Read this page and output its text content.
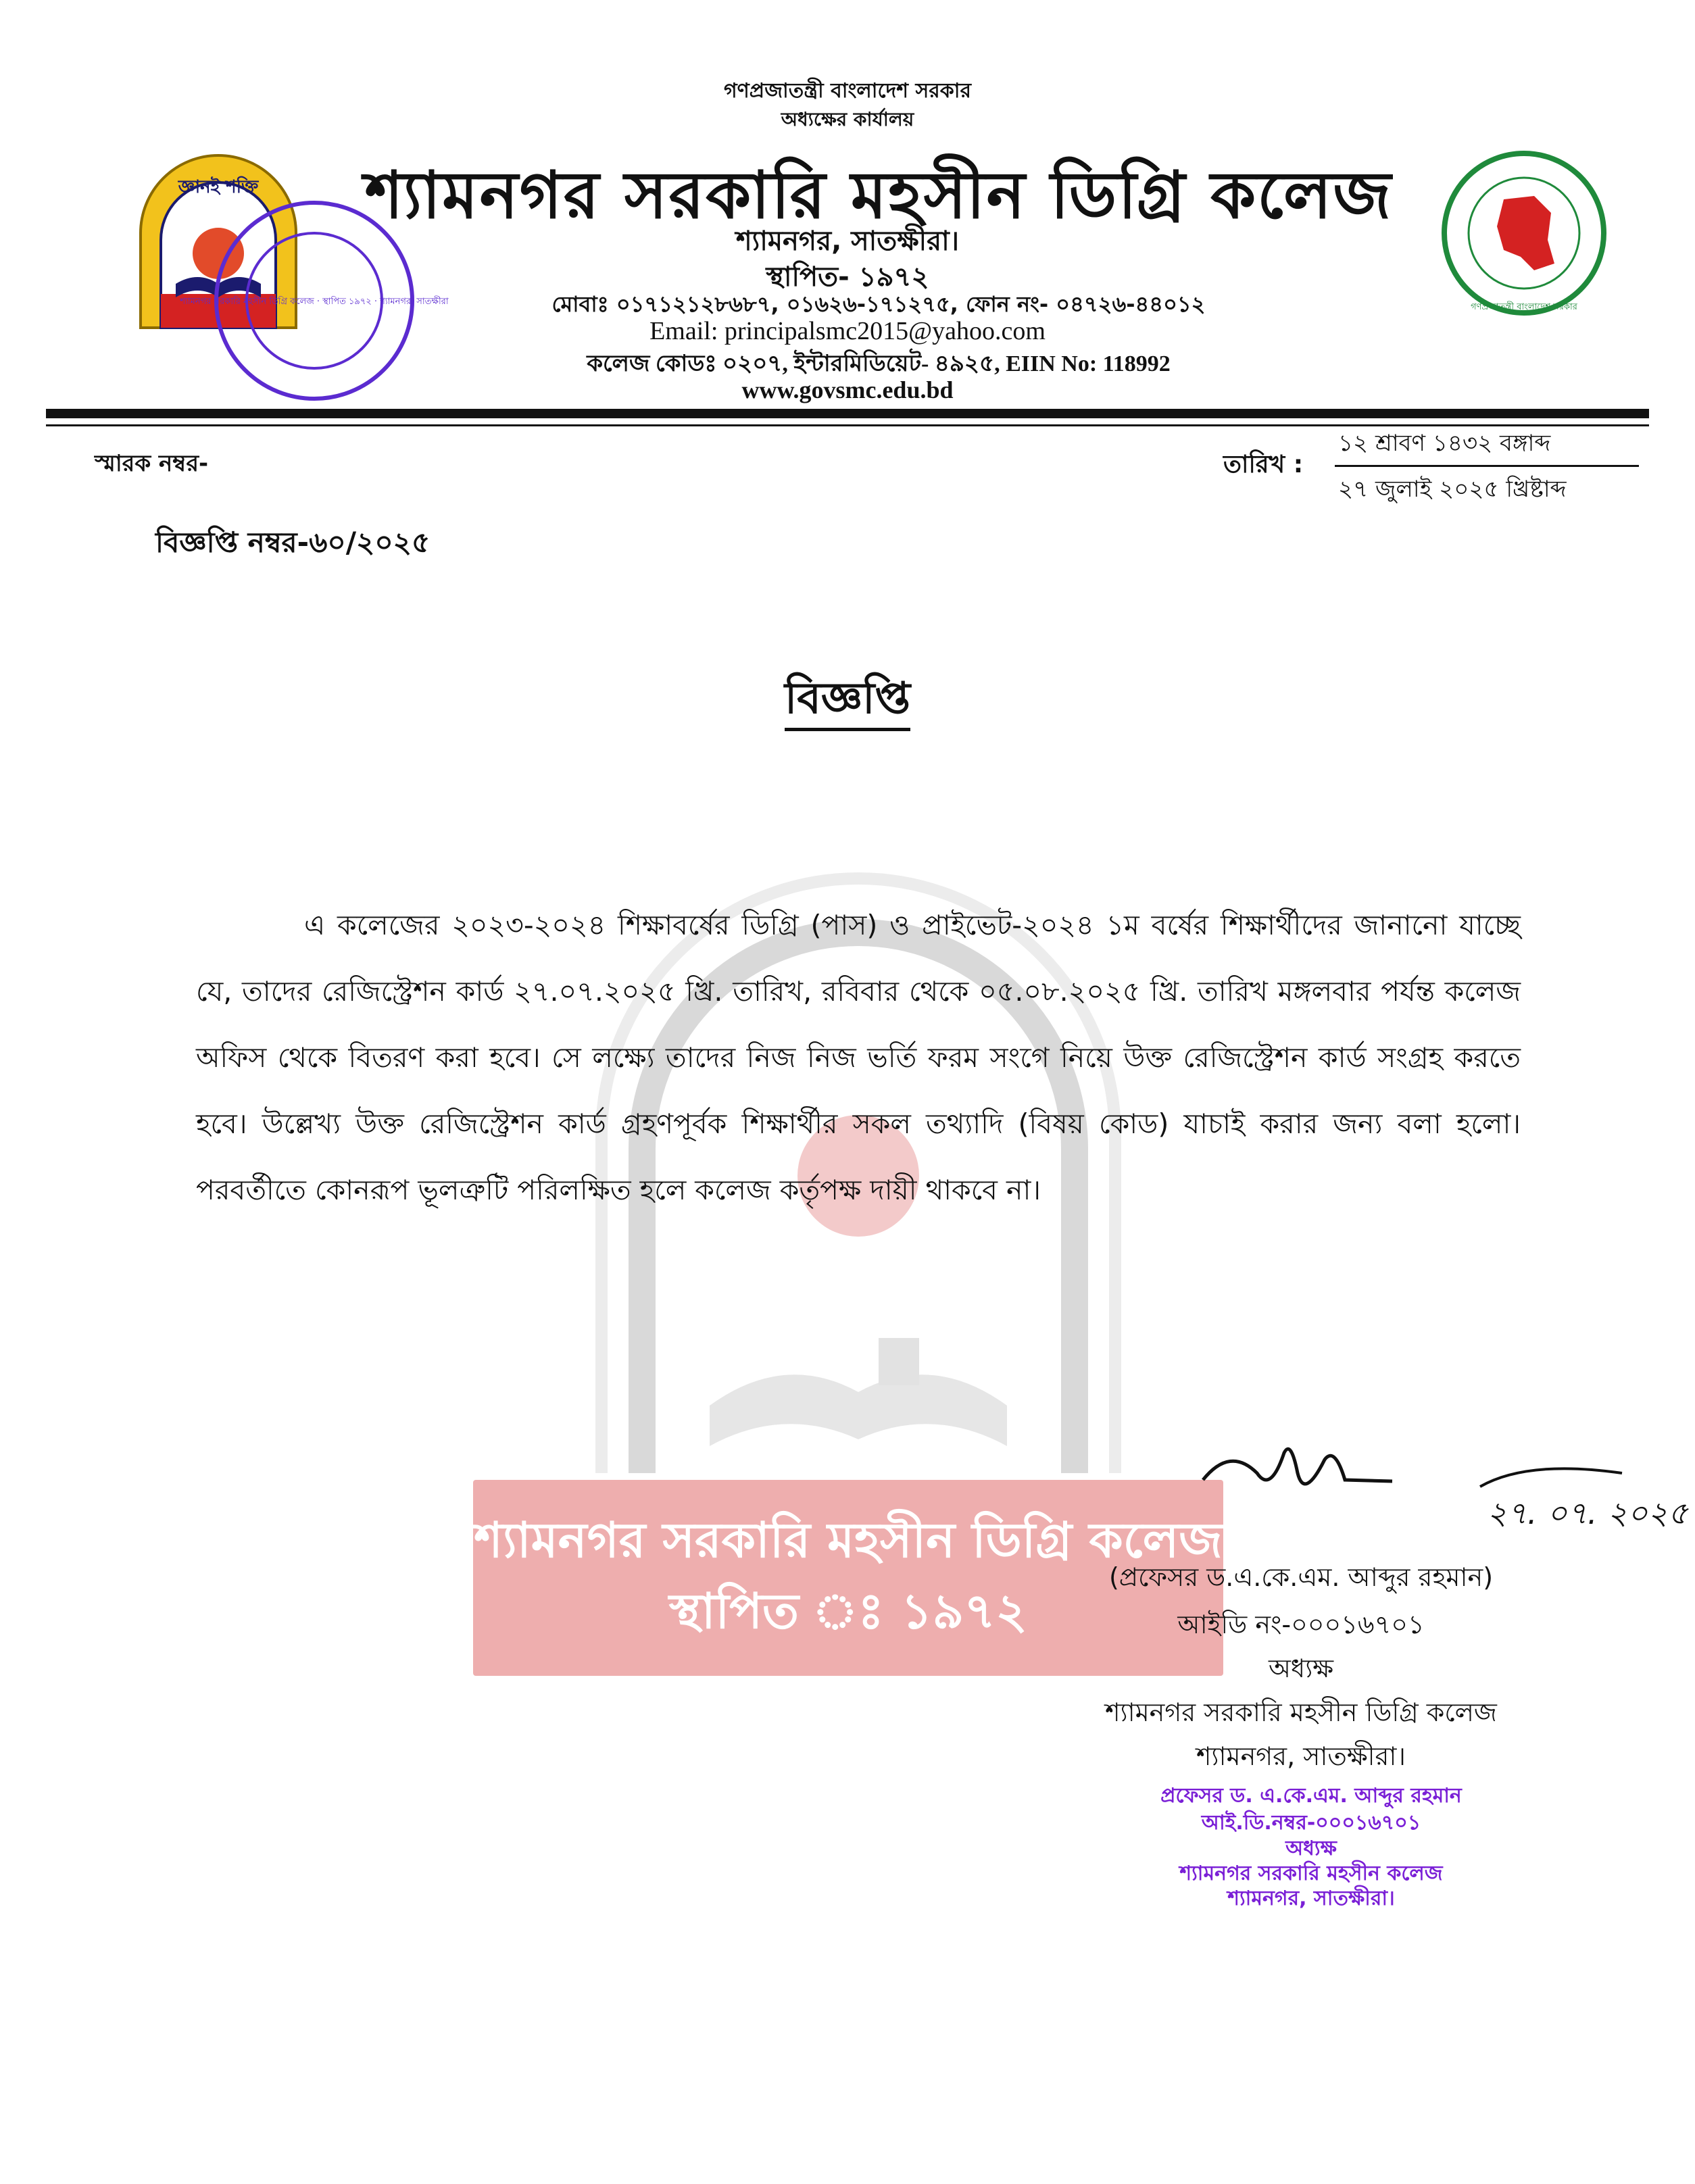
শ্যামনগর সরকারি মহসীন ডিগ্রি কলেজ
স্থাপিত ঃ ১৯৭২
জ্ঞানই শক্তি
শ্যামনগর সরকারি মহসীন ডিগ্রি কলেজ · স্থাপিত ১৯৭২ · শ্যামনগর, সাতক্ষীরা
গণপ্রজাতন্ত্রী বাংলাদেশ সরকার
গণপ্রজাতন্ত্রী বাংলাদেশ সরকার
অধ্যক্ষের কার্যালয়
শ্যামনগর সরকারি মহসীন ডিগ্রি কলেজ
শ্যামনগর, সাতক্ষীরা।
স্থাপিত- ১৯৭২
মোবাঃ ০১৭১২১২৮৬৮৭, ০১৬২৬-১৭১২৭৫, ফোন নং- ০৪৭২৬-৪৪০১২
Email: principalsmc2015@yahoo.com
কলেজ কোডঃ ০২০৭, ইন্টারমিডিয়েট- ৪৯২৫, EIIN No: 118992
www.govsmc.edu.bd
স্মারক নম্বর-	তারিখ :
১২ শ্রাবণ ১৪৩২ বঙ্গাব্দ
২৭ জুলাই ২০২৫ খ্রিষ্টাব্দ
বিজ্ঞপ্তি নম্বর-৬০/২০২৫
বিজ্ঞপ্তি
এ কলেজের ২০২৩-২০২৪ শিক্ষাবর্ষের ডিগ্রি (পাস) ও প্রাইভেট-২০২৪ ১ম বর্ষের শিক্ষার্থীদের জানানো যাচ্ছে যে, তাদের রেজিস্ট্রেশন কার্ড ২৭.০৭.২০২৫ খ্রি. তারিখ, রবিবার থেকে ০৫.০৮.২০২৫ খ্রি. তারিখ মঙ্গলবার পর্যন্ত কলেজ অফিস থেকে বিতরণ করা হবে। সে লক্ষ্যে তাদের নিজ নিজ ভর্তি ফরম সংগে নিয়ে উক্ত রেজিস্ট্রেশন কার্ড সংগ্রহ করতে হবে। উল্লেখ্য উক্ত রেজিস্ট্রেশন কার্ড গ্রহণপূর্বক শিক্ষার্থীর সকল তথ্যাদি (বিষয় কোড) যাচাই করার জন্য বলা হলো। পরবর্তীতে কোনরূপ ভূলত্রুটি পরিলক্ষিত হলে কলেজ কর্তৃপক্ষ দায়ী থাকবে না।
২৭. ০৭. ২০২৫
(প্রফেসর ড.এ.কে.এম. আব্দুর রহমান)
আইডি নং-০০০১৬৭০১
অধ্যক্ষ
শ্যামনগর সরকারি মহসীন ডিগ্রি কলেজ
শ্যামনগর, সাতক্ষীরা।
প্রফেসর ড. এ.কে.এম. আব্দুর রহমান
আই.ডি.নম্বর-০০০১৬৭০১
অধ্যক্ষ
শ্যামনগর সরকারি মহসীন কলেজ
শ্যামনগর, সাতক্ষীরা।
